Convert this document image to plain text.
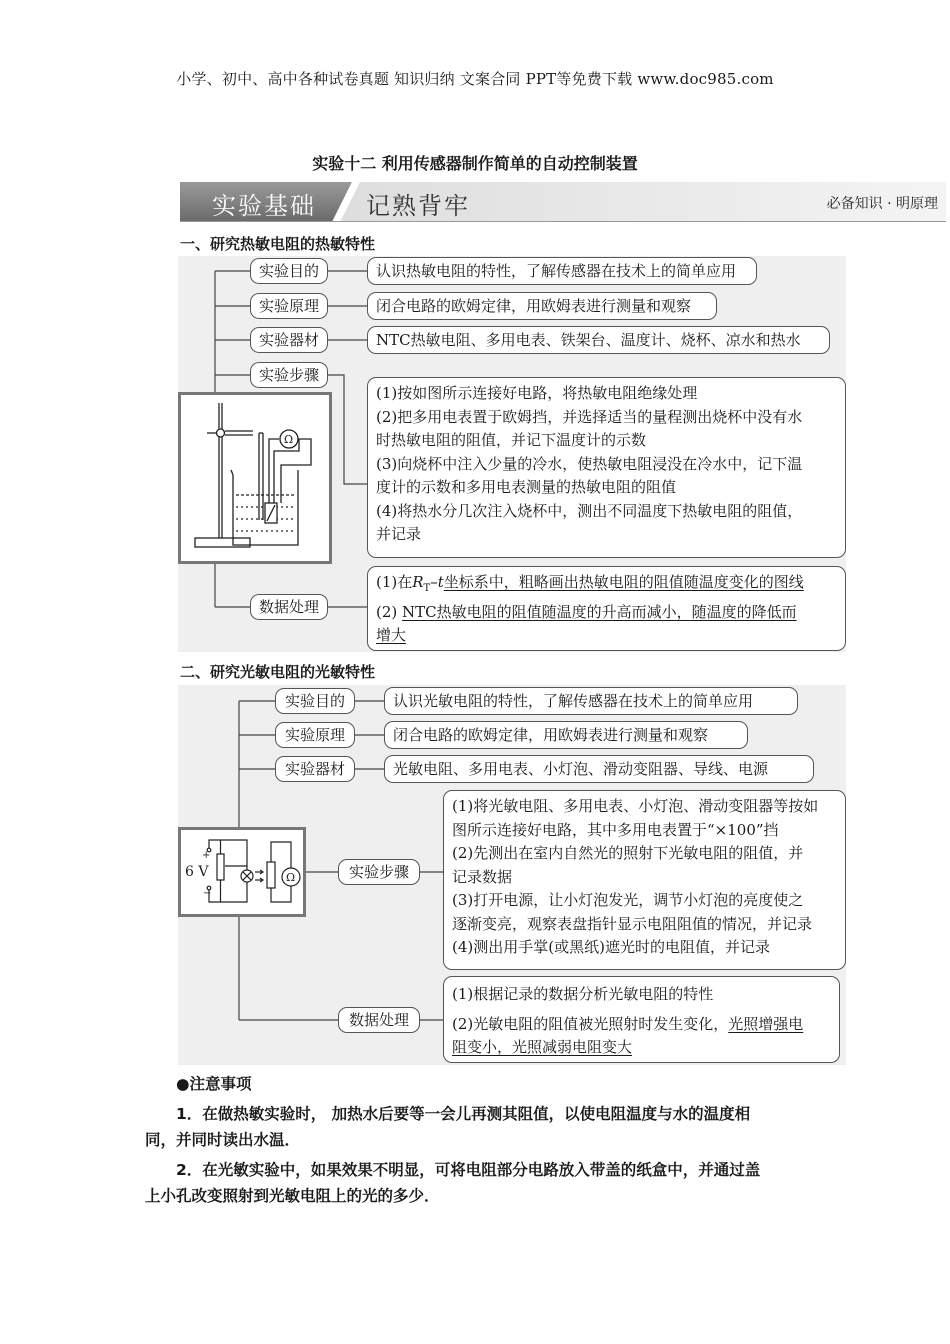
小学、初中、高中各种试卷真题 知识归纳 文案合同 PPT等免费下载 www.doc985.com
实验十二 利用传感器制作简单的自动控制装置
实验基础 记熟背牢	必备知识 · 明原理
一、研究热敏电阻的热敏特性
实验目的
实验原理
实验器材
实验步骤
数据处理
认识热敏电阻的特性，了解传感器在技术上的简单应用
闭合电路的欧姆定律，用欧姆表进行测量和观察
NTC热敏电阻、多用电表、铁架台、温度计、烧杯、凉水和热水
(1)按如图所示连接好电路，将热敏电阻绝缘处理
(2)把多用电表置于欧姆挡，并选择适当的量程测出烧杯中没有水
时热敏电阻的阻值，并记下温度计的示数
(3)向烧杯中注入少量的冷水，使热敏电阻浸没在冷水中，记下温
度计的示数和多用电表测量的热敏电阻的阻值
(4)将热水分几次注入烧杯中，测出不同温度下热敏电阻的阻值，
并记录
(1)在$R_T-t$坐标系中，粗略画出热敏电阻的阻值随温度变化的图线
(2) NTC热敏电阻的阻值随温度的升高而减小，随温度的降低而
增大
Ω
二、研究光敏电阻的光敏特性
实验目的
实验原理
实验器材
实验步骤
数据处理
认识光敏电阻的特性，了解传感器在技术上的简单应用
闭合电路的欧姆定律，用欧姆表进行测量和观察
光敏电阻、多用电表、小灯泡、滑动变阻器、导线、电源
(1)将光敏电阻、多用电表、小灯泡、滑动变阻器等按如
图所示连接好电路，其中多用电表置于“×100”挡
(2)先测出在室内自然光的照射下光敏电阻的阻值，并
记录数据
(3)打开电源，让小灯泡发光，调节小灯泡的亮度使之
逐渐变亮，观察表盘指针显示电阻阻值的情况，并记录
(4)测出用手掌(或黑纸)遮光时的电阻值，并记录
(1)根据记录的数据分析光敏电阻的特性
(2)光敏电阻的阻值被光照射时发生变化，光照增强电
阻变小，光照减弱电阻变大
+
6 V
−
Ω
●注意事项
1．在做热敏实验时， 加热水后要等一会儿再测其阻值，以使电阻温度与水的温度相
同，并同时读出水温．
2．在光敏实验中，如果效果不明显，可将电阻部分电路放入带盖的纸盒中，并通过盖
上小孔改变照射到光敏电阻上的光的多少．
